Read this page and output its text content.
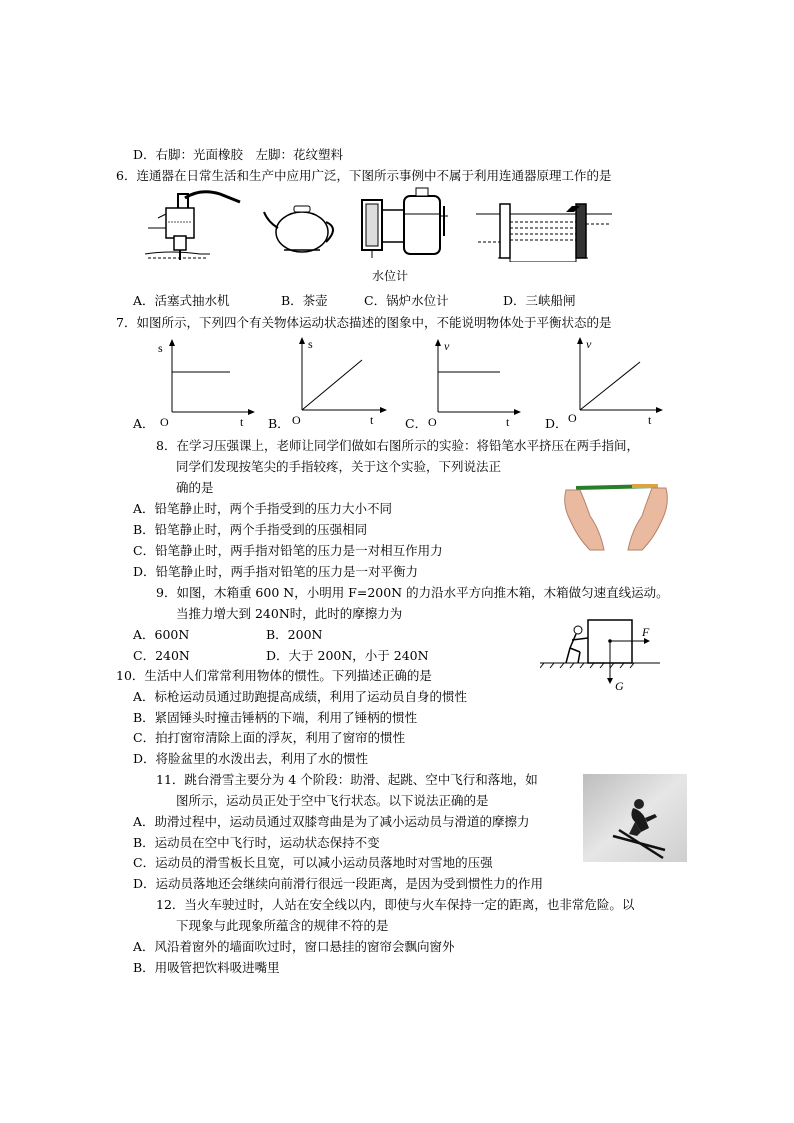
D．右脚：光面橡胶　左脚：花纹塑料
6．连通器在日常生活和生产中应用广泛，下图所示事例中不属于利用连通器原理工作的是
水位计
A．活塞式抽水机	B．茶壶	C．锅炉水位计	D．三峡船闸
7．如图所示，下列四个有关物体运动状态描述的图象中，不能说明物体处于平衡状态的是
A．
s
O	t B．
s
O	t	C．
v
O	t	D．
v
O	t
8．在学习压强课上，老师让同学们做如右图所示的实验：将铅笔水平挤压在两手指间，
同学们发现按笔尖的手指较疼，关于这个实验，下列说法正
确的是
A．铅笔静止时，两个手指受到的压力大小不同
B．铅笔静止时，两个手指受到的压强相同
C．铅笔静止时，两手指对铅笔的压力是一对相互作用力
D．铅笔静止时，两手指对铅笔的压力是一对平衡力
9．如图，木箱重 600 N，小明用 F=200N 的力沿水平方向推木箱，木箱做匀速直线运动。
当推力增大到 240N时，此时的摩擦力为
A．600N	B．200N
C．240N	D．大于 200N，小于 240N
F
G
10．生活中人们常常利用物体的惯性。下列描述正确的是
A．标枪运动员通过助跑提高成绩，利用了运动员自身的惯性
B．紧固锤头时撞击锤柄的下端，利用了锤柄的惯性
C．拍打窗帘清除上面的浮灰，利用了窗帘的惯性
D．将脸盆里的水泼出去，利用了水的惯性
11．跳台滑雪主要分为 4 个阶段：助滑、起跳、空中飞行和落地，如
图所示，运动员正处于空中飞行状态。以下说法正确的是
A．助滑过程中，运动员通过双膝弯曲是为了减小运动员与滑道的摩擦力
B．运动员在空中飞行时，运动状态保持不变
C．运动员的滑雪板长且宽，可以减小运动员落地时对雪地的压强
D．运动员落地还会继续向前滑行很远一段距离，是因为受到惯性力的作用
12．当火车驶过时，人站在安全线以内，即使与火车保持一定的距离，也非常危险。以
下现象与此现象所蕴含的规律不符的是
A．风沿着窗外的墙面吹过时，窗口悬挂的窗帘会飘向窗外
B．用吸管把饮料吸进嘴里
